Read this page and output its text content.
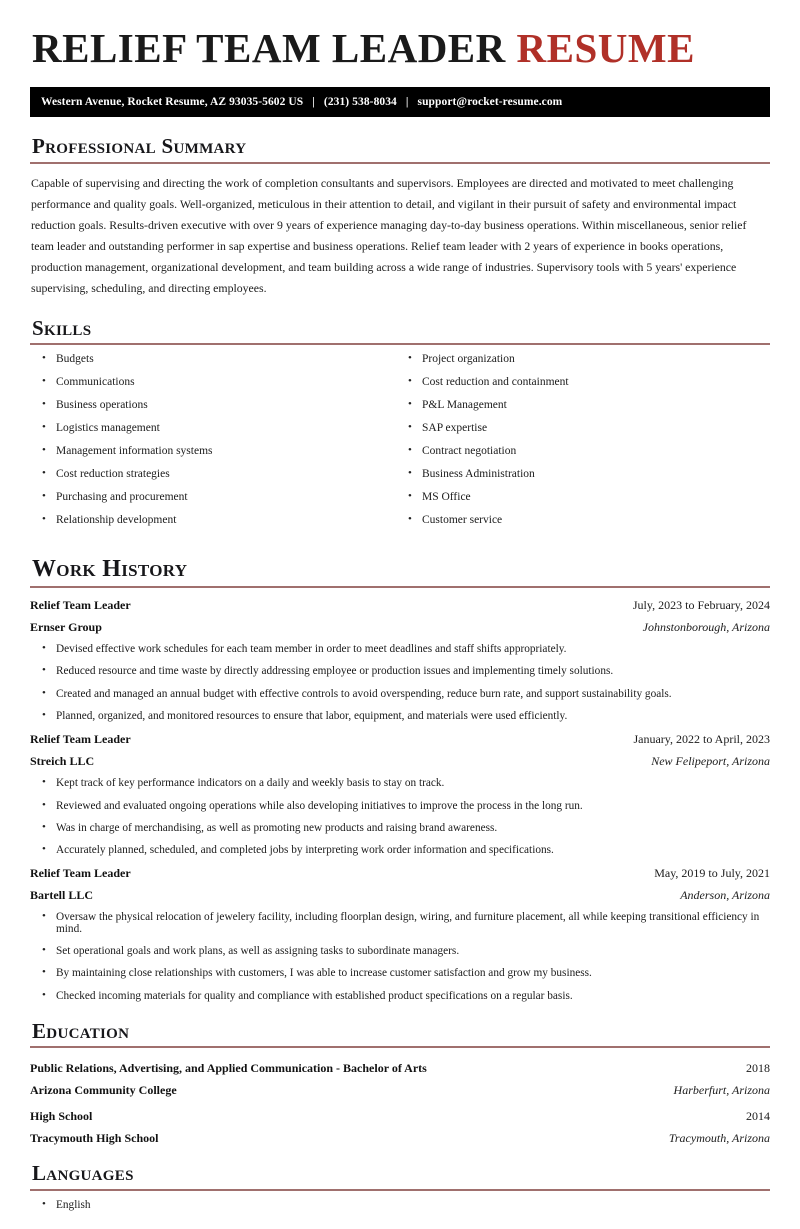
RELIEF TEAM LEADER RESUME
Western Avenue, Rocket Resume, AZ 93035-5602 US | (231) 538-8034 | support@rocket-resume.com
Professional Summary

Capable of supervising and directing the work of completion consultants and supervisors. Employees are directed and motivated to meet challenging performance and quality goals. Well-organized, meticulous in their attention to detail, and vigilant in their pursuit of safety and environmental impact reduction goals. Results-driven executive with over 9 years of experience managing day-to-day business operations. Within miscellaneous, senior relief team leader and outstanding performer in sap expertise and business operations. Relief team leader with 2 years of experience in books operations, production management, organizational development, and team building across a wide range of industries. Supervisory tools with 5 years' experience supervising, scheduling, and directing employees.

Skills
• Budgets
• Communications
• Business operations
• Logistics management
• Management information systems
• Cost reduction strategies
• Purchasing and procurement
• Relationship development
• Project organization
• Cost reduction and containment
• P&L Management
• SAP expertise
• Contract negotiation
• Business Administration
• MS Office
• Customer service
Work History
Relief Team Leader	July, 2023 to February, 2024
Ernser Group	Johnstonborough, Arizona
• Devised effective work schedules for each team member in order to meet deadlines and staff shifts appropriately.
• Reduced resource and time waste by directly addressing employee or production issues and implementing timely solutions.
• Created and managed an annual budget with effective controls to avoid overspending, reduce burn rate, and support sustainability goals.
• Planned, organized, and monitored resources to ensure that labor, equipment, and materials were used efficiently.
Relief Team Leader	January, 2022 to April, 2023
Streich LLC	New Felipeport, Arizona
• Kept track of key performance indicators on a daily and weekly basis to stay on track.
• Reviewed and evaluated ongoing operations while also developing initiatives to improve the process in the long run.
• Was in charge of merchandising, as well as promoting new products and raising brand awareness.
• Accurately planned, scheduled, and completed jobs by interpreting work order information and specifications.
Relief Team Leader	May, 2019 to July, 2021
Bartell LLC	Anderson, Arizona
• Oversaw the physical relocation of jewelery facility, including floorplan design, wiring, and furniture placement, all while keeping transitional efficiency in mind.
• Set operational goals and work plans, as well as assigning tasks to subordinate managers.
• By maintaining close relationships with customers, I was able to increase customer satisfaction and grow my business.
• Checked incoming materials for quality and compliance with established product specifications on a regular basis.
Education
Public Relations, Advertising, and Applied Communication - Bachelor of Arts	2018
Arizona Community College	Harberfurt, Arizona
High School	2014
Tracymouth High School	Tracymouth, Arizona
Languages
• English
